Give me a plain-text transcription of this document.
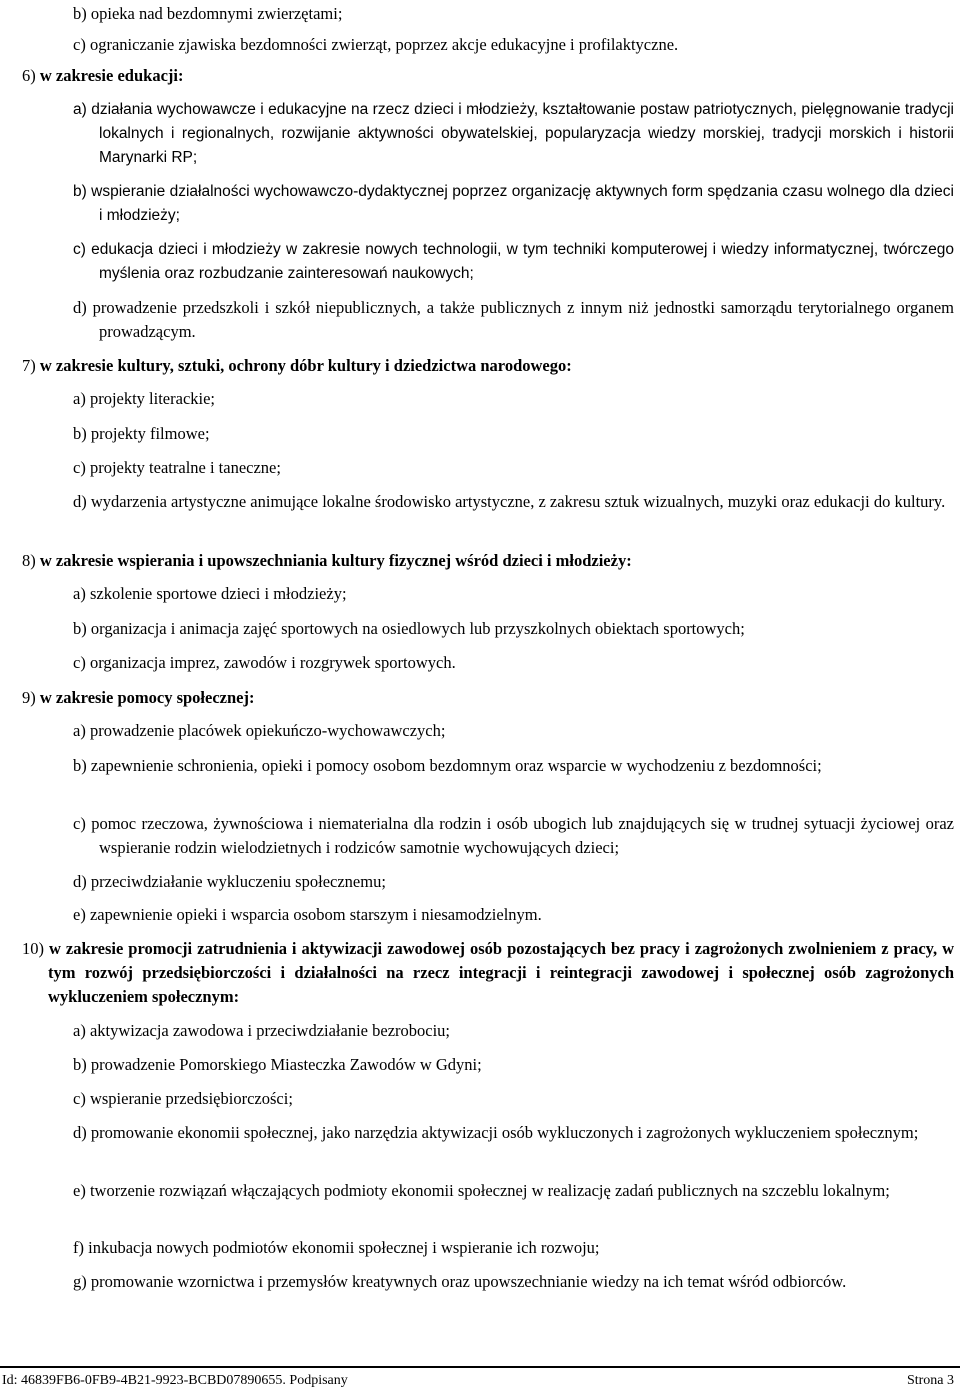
b) opieka nad bezdomnymi zwierzętami;
c) ograniczanie zjawiska bezdomności zwierząt, poprzez akcje edukacyjne i profilaktyczne.
6) w zakresie edukacji:
a) działania wychowawcze i edukacyjne na rzecz dzieci i młodzieży, kształtowanie postaw patriotycznych, pielęgnowanie tradycji lokalnych i regionalnych, rozwijanie aktywności obywatelskiej, popularyzacja wiedzy morskiej, tradycji morskich i historii Marynarki RP;
b) wspieranie działalności wychowawczo-dydaktycznej poprzez organizację aktywnych form spędzania czasu wolnego dla dzieci i młodzieży;
c) edukacja dzieci i młodzieży w zakresie nowych technologii, w tym techniki komputerowej i wiedzy informatycznej, twórczego myślenia oraz rozbudzanie zainteresowań naukowych;
d) prowadzenie przedszkoli i szkół niepublicznych, a także publicznych z innym niż jednostki samorządu terytorialnego organem prowadzącym.
7) w zakresie kultury, sztuki, ochrony dóbr kultury i dziedzictwa narodowego:
a) projekty literackie;
b) projekty filmowe;
c) projekty teatralne i taneczne;
d) wydarzenia artystyczne animujące lokalne środowisko artystyczne, z zakresu sztuk wizualnych, muzyki oraz edukacji do kultury.
8) w zakresie wspierania i upowszechniania kultury fizycznej wśród dzieci i młodzieży:
a) szkolenie sportowe dzieci i młodzieży;
b) organizacja i animacja zajęć sportowych na osiedlowych lub przyszkolnych obiektach sportowych;
c) organizacja imprez, zawodów i rozgrywek sportowych.
9) w zakresie pomocy społecznej:
a) prowadzenie placówek opiekuńczo-wychowawczych;
b) zapewnienie schronienia, opieki i pomocy osobom bezdomnym oraz wsparcie w wychodzeniu z bezdomności;
c) pomoc rzeczowa, żywnościowa i niematerialna dla rodzin i osób ubogich lub znajdujących się w trudnej sytuacji życiowej oraz wspieranie rodzin wielodzietnych i rodziców samotnie wychowujących dzieci;
d) przeciwdziałanie wykluczeniu społecznemu;
e) zapewnienie opieki i wsparcia osobom starszym i niesamodzielnym.
10) w zakresie promocji zatrudnienia i aktywizacji zawodowej osób pozostających bez pracy i zagrożonych zwolnieniem z pracy, w tym rozwój przedsiębiorczości i działalności na rzecz integracji i reintegracji zawodowej i społecznej osób zagrożonych wykluczeniem społecznym:
a) aktywizacja zawodowa i przeciwdziałanie bezrobociu;
b) prowadzenie Pomorskiego Miasteczka Zawodów w Gdyni;
c) wspieranie przedsiębiorczości;
d) promowanie ekonomii społecznej, jako narzędzia aktywizacji osób wykluczonych i zagrożonych wykluczeniem społecznym;
e) tworzenie rozwiązań włączających podmioty ekonomii społecznej w realizację zadań publicznych na szczeblu lokalnym;
f) inkubacja nowych podmiotów ekonomii społecznej i wspieranie ich rozwoju;
g) promowanie wzornictwa i przemysłów kreatywnych oraz upowszechnianie wiedzy na ich temat wśród odbiorców.
Id: 46839FB6-0FB9-4B21-9923-BCBD07890655. Podpisany	Strona 3
